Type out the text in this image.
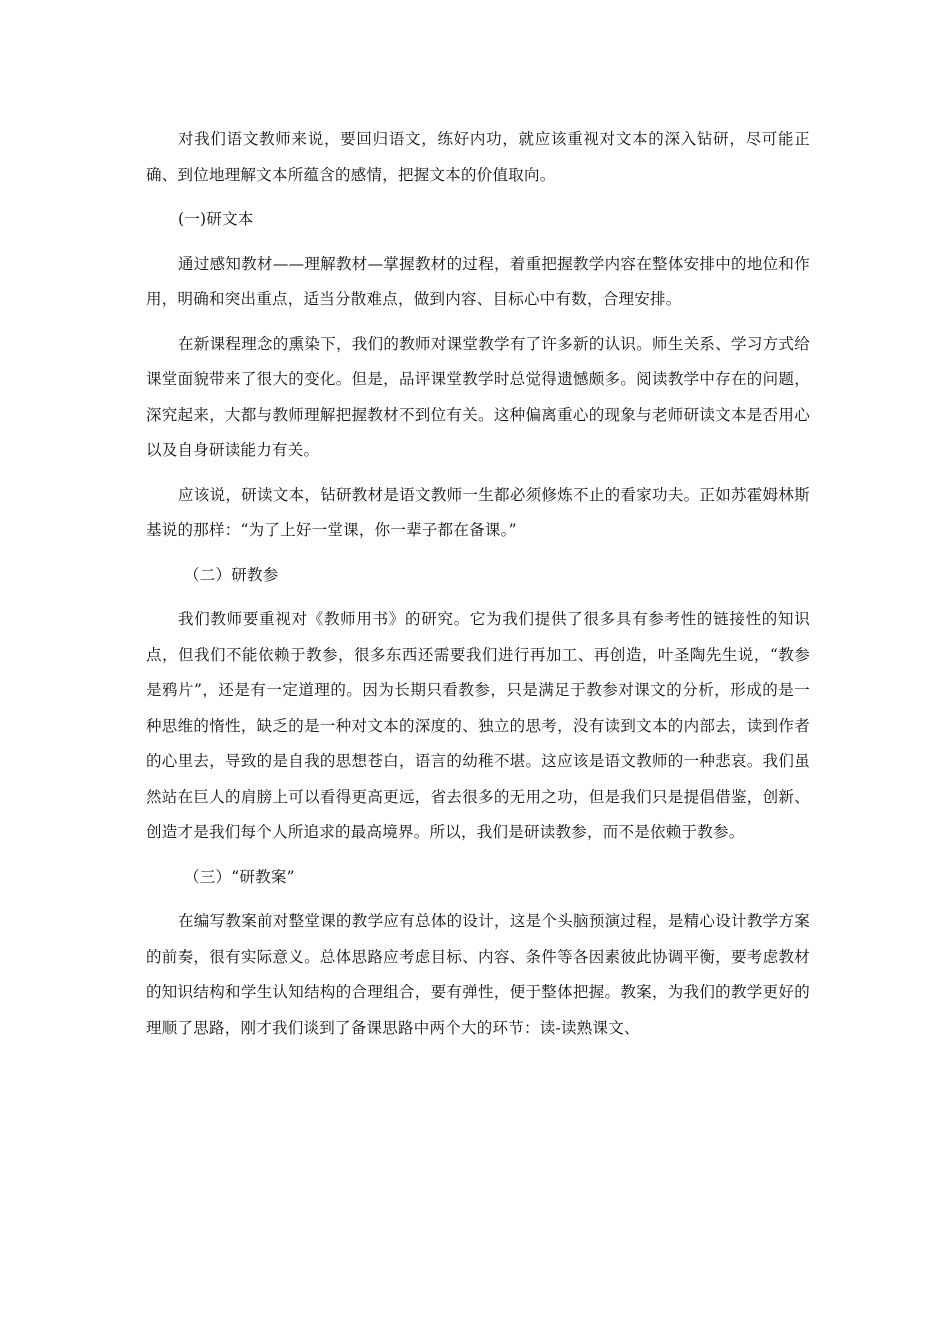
对我们语文教师来说，要回归语文，练好内功，就应该重视对文本的深入钻研，尽可能正确、到位地理解文本所蕴含的感情，把握文本的价值取向。

(一)研文本

通过感知教材——理解教材—掌握教材的过程，着重把握教学内容在整体安排中的地位和作用，明确和突出重点，适当分散难点，做到内容、目标心中有数，合理安排。

在新课程理念的熏染下，我们的教师对课堂教学有了许多新的认识。师生关系、学习方式给课堂面貌带来了很大的变化。但是，品评课堂教学时总觉得遗憾颇多。阅读教学中存在的问题，深究起来，大都与教师理解把握教材不到位有关。这种偏离重心的现象与老师研读文本是否用心以及自身研读能力有关。

应该说，研读文本，钻研教材是语文教师一生都必须修炼不止的看家功夫。正如苏霍姆林斯基说的那样：“为了上好一堂课，你一辈子都在备课。”

（二）研教参

我们教师要重视对《教师用书》的研究。它为我们提供了很多具有参考性的链接性的知识点，但我们不能依赖于教参，很多东西还需要我们进行再加工、再创造，叶圣陶先生说，“教参是鸦片”，还是有一定道理的。因为长期只看教参，只是满足于教参对课文的分析，形成的是一种思维的惰性，缺乏的是一种对文本的深度的、独立的思考，没有读到文本的内部去，读到作者的心里去，导致的是自我的思想苍白，语言的幼稚不堪。这应该是语文教师的一种悲哀。我们虽然站在巨人的肩膀上可以看得更高更远，省去很多的无用之功，但是我们只是提倡借鉴，创新、创造才是我们每个人所追求的最高境界。所以，我们是研读教参，而不是依赖于教参。

（三）“研教案”

在编写教案前对整堂课的教学应有总体的设计，这是个头脑预演过程，是精心设计教学方案的前奏，很有实际意义。总体思路应考虑目标、内容、条件等各因素彼此协调平衡，要考虑教材的知识结构和学生认知结构的合理组合，要有弹性，便于整体把握。教案，为我们的教学更好的理顺了思路，刚才我们谈到了备课思路中两个大的环节：读-读熟课文、
